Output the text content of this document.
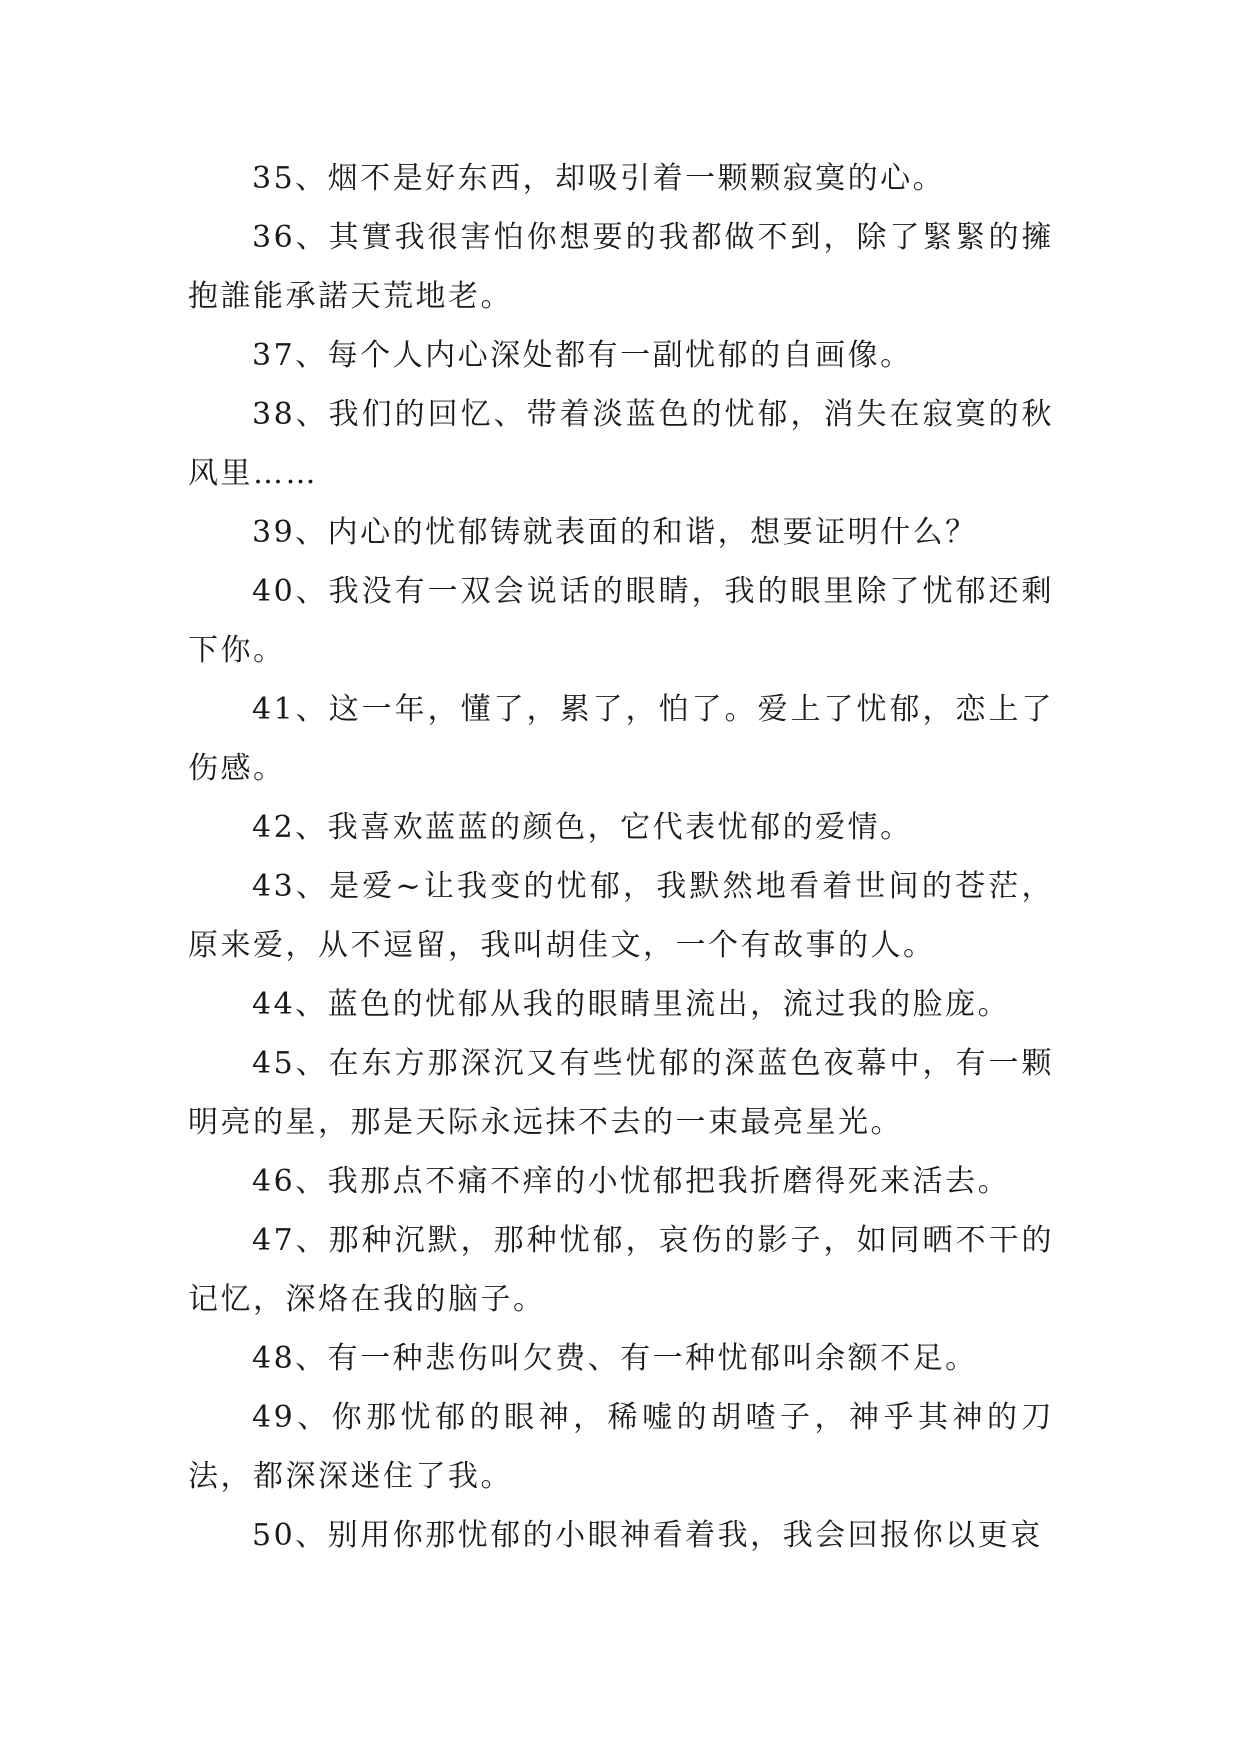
35、烟不是好东西，却吸引着一颗颗寂寞的心。

36、其實我很害怕你想要的我都做不到，除了緊緊的擁抱誰能承諾天荒地老。

37、每个人内心深处都有一副忧郁的自画像。

38、我们的回忆、带着淡蓝色的忧郁，消失在寂寞的秋风里……

39、内心的忧郁铸就表面的和谐，想要证明什么？

40、我没有一双会说话的眼睛，我的眼里除了忧郁还剩下你。

41、这一年，懂了，累了，怕了。爱上了忧郁，恋上了伤感。

42、我喜欢蓝蓝的颜色，它代表忧郁的爱情。

43、是爱~让我变的忧郁，我默然地看着世间的苍茫，原来爱，从不逗留，我叫胡佳文，一个有故事的人。

44、蓝色的忧郁从我的眼睛里流出，流过我的脸庞。

45、在东方那深沉又有些忧郁的深蓝色夜幕中，有一颗明亮的星，那是天际永远抹不去的一束最亮星光。

46、我那点不痛不痒的小忧郁把我折磨得死来活去。

47、那种沉默，那种忧郁，哀伤的影子，如同晒不干的记忆，深烙在我的脑子。

48、有一种悲伤叫欠费、有一种忧郁叫余额不足。

49、你那忧郁的眼神，稀嘘的胡喳子，神乎其神的刀法，都深深迷住了我。

50、别用你那忧郁的小眼神看着我，我会回报你以更哀
